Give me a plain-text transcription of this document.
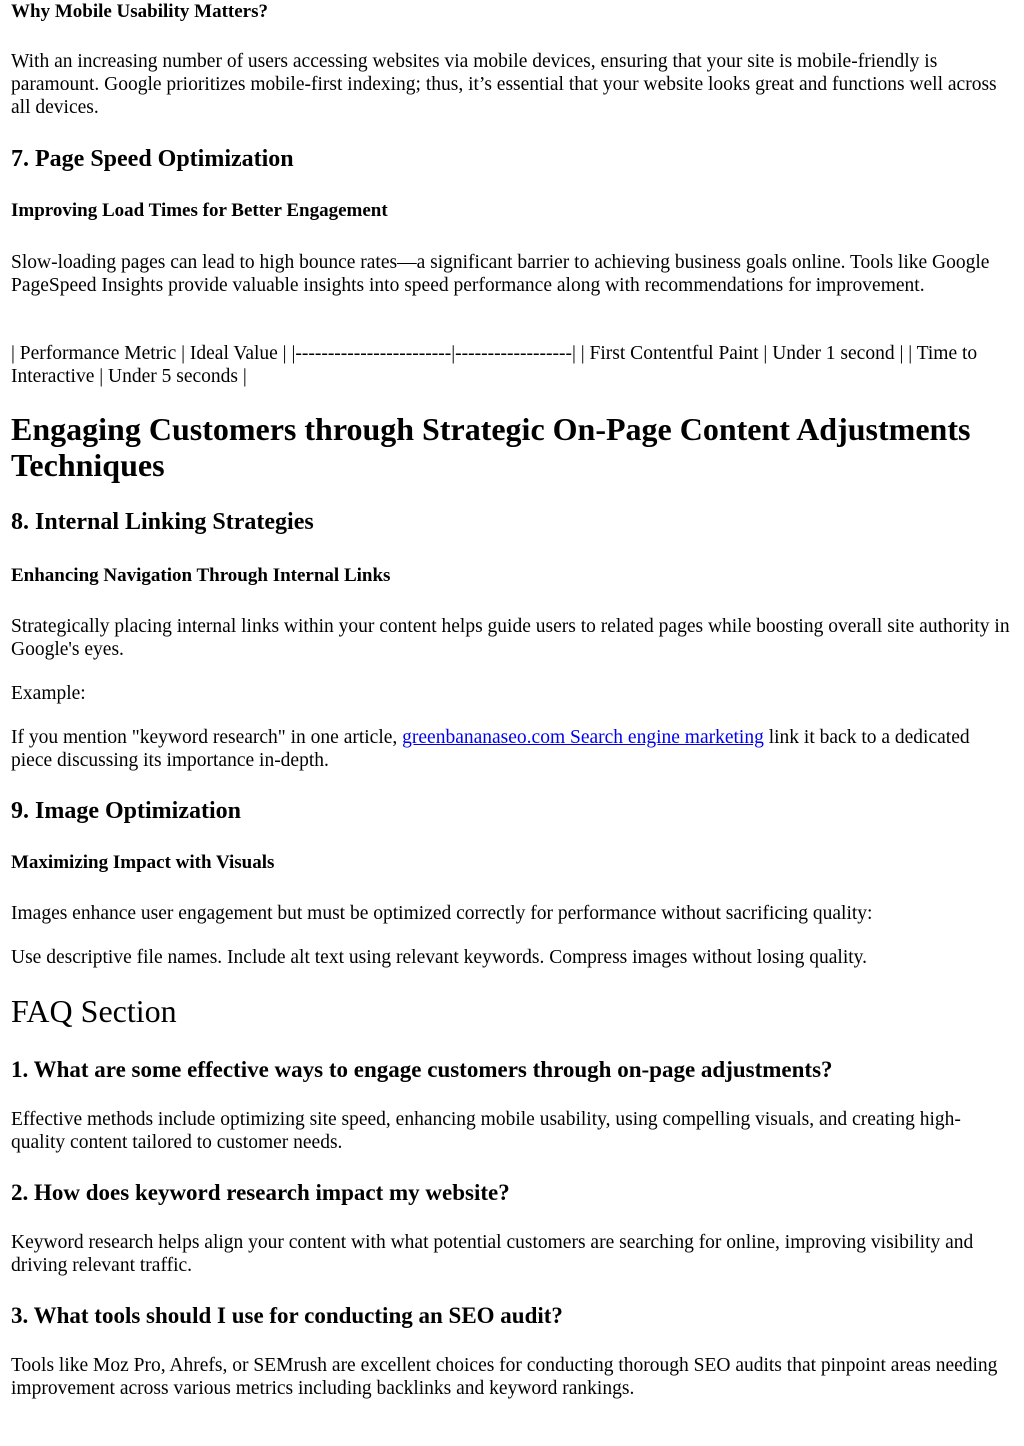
Why Mobile Usability Matters?

With an increasing number of users accessing websites via mobile devices, ensuring that your site is mobile-friendly is paramount. Google prioritizes mobile-first indexing; thus, it’s essential that your website looks great and functions well across all devices.

7. Page Speed Optimization
Improving Load Times for Better Engagement

Slow-loading pages can lead to high bounce rates—a significant barrier to achieving business goals online. Tools like Google PageSpeed Insights provide valuable insights into speed performance along with recommendations for improvement.

| Performance Metric | Ideal Value | |------------------------|------------------| | First Contentful Paint | Under 1 second | | Time to Interactive | Under 5 seconds |

Engaging Customers through Strategic On-Page Content Adjustments Techniques
8. Internal Linking Strategies
Enhancing Navigation Through Internal Links

Strategically placing internal links within your content helps guide users to related pages while boosting overall site authority in Google's eyes.

Example:

If you mention "keyword research" in one article, greenbananaseo.com Search engine marketing link it back to a dedicated piece discussing its importance in-depth.

9. Image Optimization
Maximizing Impact with Visuals

Images enhance user engagement but must be optimized correctly for performance without sacrificing quality:

Use descriptive file names. Include alt text using relevant keywords. Compress images without losing quality.

FAQ Section
1. What are some effective ways to engage customers through on-page adjustments?

Effective methods include optimizing site speed, enhancing mobile usability, using compelling visuals, and creating high-quality content tailored to customer needs.

2. How does keyword research impact my website?

Keyword research helps align your content with what potential customers are searching for online, improving visibility and driving relevant traffic.

3. What tools should I use for conducting an SEO audit?

Tools like Moz Pro, Ahrefs, or SEMrush are excellent choices for conducting thorough SEO audits that pinpoint areas needing improvement across various metrics including backlinks and keyword rankings.
